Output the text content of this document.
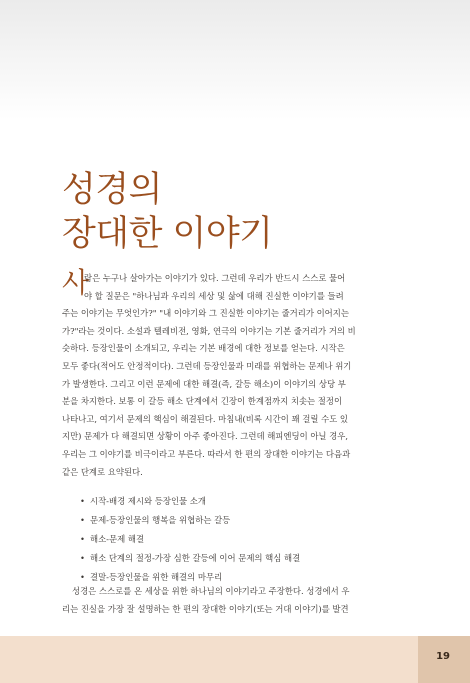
성경의
장대한 이야기
사

람은 누구나 살아가는 이야기가 있다. 그런데 우리가 반드시 스스로 물어

야 할 질문은 "하나님과 우리의 세상 및 삶에 대해 진실한 이야기를 들려

주는 이야기는 무엇인가?" "내 이야기와 그 진실한 이야기는 줄거리가 이어지는

가?"라는 것이다. 소설과 텔레비전, 영화, 연극의 이야기는 기본 줄거리가 거의 비

슷하다. 등장인물이 소개되고, 우리는 기본 배경에 대한 정보를 얻는다. 시작은

모두 좋다(적어도 안정적이다). 그런데 등장인물과 미래를 위협하는 문제나 위기

가 발생한다. 그리고 이런 문제에 대한 해결(즉, 갈등 해소)이 이야기의 상당 부

분을 차지한다. 보통 이 갈등 해소 단계에서 긴장이 한계점까지 치솟는 절정이

나타나고, 여기서 문제의 핵심이 해결된다. 마침내(비록 시간이 꽤 걸릴 수도 있

지만) 문제가 다 해결되면 상황이 아주 좋아진다. 그런데 해피엔딩이 아닐 경우,

우리는 그 이야기를 비극이라고 부른다. 따라서 한 편의 장대한 이야기는 다음과

같은 단계로 요약된다.

• 시작-배경 제시와 등장인물 소개
• 문제-등장인물의 행복을 위협하는 갈등
• 해소-문제 해결
• 해소 단계의 절정-가장 심한 갈등에 이어 문제의 핵심 해결
• 결말-등장인물을 위한 해결의 마무리

성경은 스스로를 온 세상을 위한 하나님의 이야기라고 주장한다. 성경에서 우

리는 진실을 가장 잘 설명하는 한 편의 장대한 이야기(또는 거대 이야기)를 발견

19
